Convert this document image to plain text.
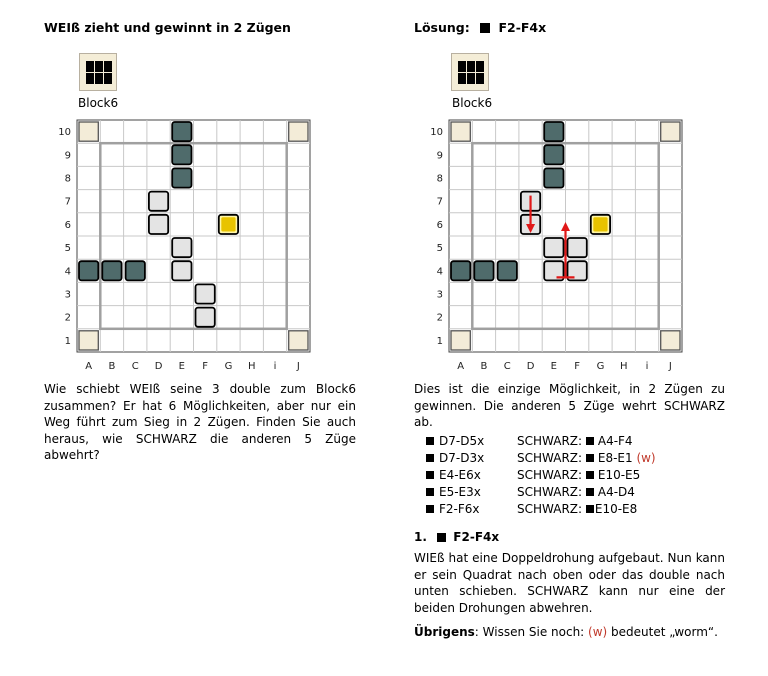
WEIß zieht und gewinnt in 2 Zügen
Block6
A B C D E F G H i J
10
9
8
7
6
5
4
3
2
1
Wie schiebt WEIß seine 3 double zum Block6 zusammen? Er hat 6 Möglichkeiten, aber nur ein Weg führt zum Sieg in 2 Zügen. Finden Sie auch heraus, wie SCHWARZ die anderen 5 Züge abwehrt?
Lösung: F2-F4x
Block6
A B C D E F G H i J
10
9
8
7
6
5
4
3
2
1
Dies ist die einzige Möglichkeit, in 2 Zügen zu gewinnen. Die anderen 5 Züge wehrt SCHWARZ ab.
D7-D5x	SCHWARZ: A4-F4
D7-D3x	SCHWARZ: E8-E1 (w)
E4-E6x	SCHWARZ: E10-E5
E5-E3x	SCHWARZ: A4-D4
F2-F6x	SCHWARZ: E10-E8
1. F2-F4x
WIEß hat eine Doppeldrohung aufgebaut. Nun kann er sein Quadrat nach oben oder das double nach unten schieben. SCHWARZ kann nur eine der beiden Drohungen abwehren.
Übrigens: Wissen Sie noch: (w) bedeutet „worm“.
